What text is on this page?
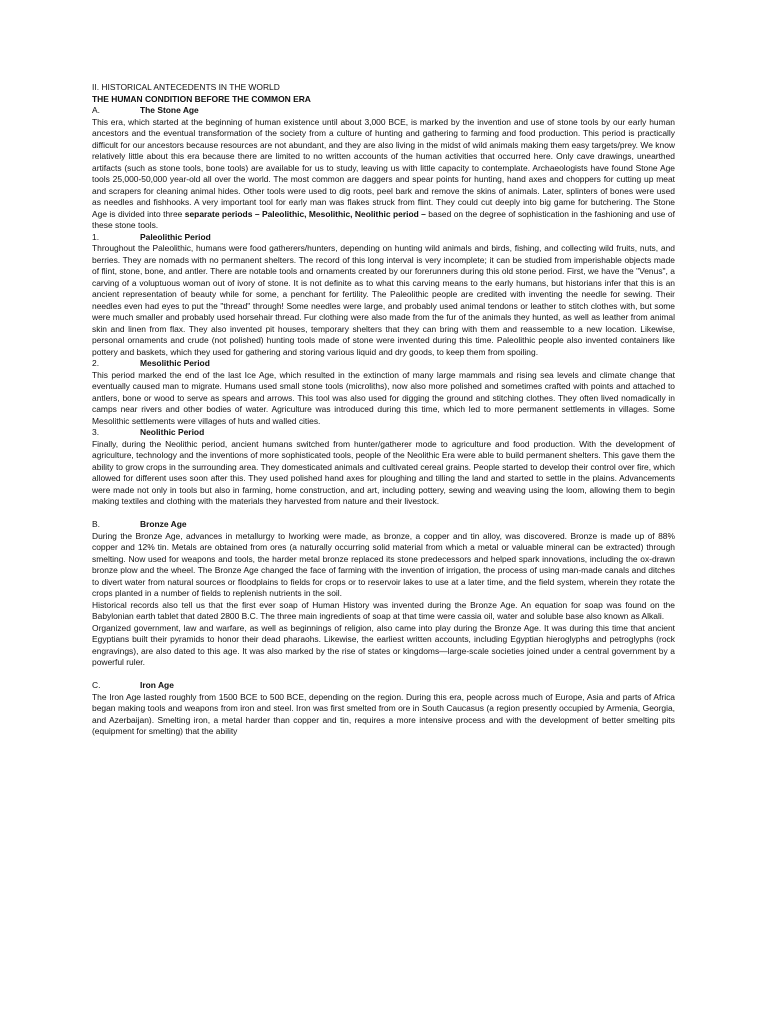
II. HISTORICAL ANTECEDENTS IN THE WORLD

THE HUMAN CONDITION BEFORE THE COMMON ERA

A.	The Stone Age

This era, which started at the beginning of human existence until about 3,000 BCE, is marked by the invention and use of stone tools by our early human ancestors and the eventual transformation of the society from a culture of hunting and gathering to farming and food production. This period is practically difficult for our ancestors because resources are not abundant, and they are also living in the midst of wild animals making them easy targets/prey. We know relatively little about this era because there are limited to no written accounts of the human activities that occurred here. Only cave drawings, unearthed artifacts (such as stone tools, bone tools) are available for us to study, leaving us with little capacity to contemplate. Archaeologists have found Stone Age tools 25,000-50,000 year-old all over the world. The most common are daggers and spear points for hunting, hand axes and choppers for cutting up meat and scrapers for cleaning animal hides. Other tools were used to dig roots, peel bark and remove the skins of animals. Later, splinters of bones were used as needles and fishhooks. A very important tool for early man was flakes struck from flint. They could cut deeply into big game for butchering. The Stone Age is divided into three separate periods – Paleolithic, Mesolithic, Neolithic period – based on the degree of sophistication in the fashioning and use of these stone tools.

1.	Paleolithic Period

Throughout the Paleolithic, humans were food gatherers/hunters, depending on hunting wild animals and birds, fishing, and collecting wild fruits, nuts, and berries. They are nomads with no permanent shelters. The record of this long interval is very incomplete; it can be studied from imperishable objects made of flint, stone, bone, and antler. There are notable tools and ornaments created by our forerunners during this old stone period. First, we have the "Venus", a carving of a voluptuous woman out of ivory of stone. It is not definite as to what this carving means to the early humans, but historians infer that this is an ancient representation of beauty while for some, a penchant for fertility. The Paleolithic people are credited with inventing the needle for sewing. Their needles even had eyes to put the "thread" through! Some needles were large, and probably used animal tendons or leather to stitch clothes with, but some were much smaller and probably used horsehair thread. Fur clothing were also made from the fur of the animals they hunted, as well as leather from animal skin and linen from flax. They also invented pit houses, temporary shelters that they can bring with them and reassemble to a new location. Likewise, personal ornaments and crude (not polished) hunting tools made of stone were invented during this time. Paleolithic people also invented containers like pottery and baskets, which they used for gathering and storing various liquid and dry goods, to keep them from spoiling.

2.	Mesolithic Period

This period marked the end of the last Ice Age, which resulted in the extinction of many large mammals and rising sea levels and climate change that eventually caused man to migrate. Humans used small stone tools (microliths), now also more polished and sometimes crafted with points and attached to antlers, bone or wood to serve as spears and arrows. This tool was also used for digging the ground and stitching clothes. They often lived nomadically in camps near rivers and other bodies of water. Agriculture was introduced during this time, which led to more permanent settlements in villages. Some Mesolithic settlements were villages of huts and walled cities.

3.	Neolithic Period

Finally, during the Neolithic period, ancient humans switched from hunter/gatherer mode to agriculture and food production. With the development of agriculture, technology and the inventions of more sophisticated tools, people of the Neolithic Era were able to build permanent shelters. This gave them the ability to grow crops in the surrounding area. They domesticated animals and cultivated cereal grains. People started to develop their control over fire, which allowed for different uses soon after this. They used polished hand axes for ploughing and tilling the land and started to settle in the plains. Advancements were made not only in tools but also in farming, home construction, and art, including pottery, sewing and weaving using the loom, allowing them to begin making textiles and clothing with the materials they harvested from nature and their livestock.

B.	Bronze Age

During the Bronze Age, advances in metallurgy to lworking were made, as bronze, a copper and tin alloy, was discovered. Bronze is made up of 88% copper and 12% tin. Metals are obtained from ores (a naturally occurring solid material from which a metal or valuable mineral can be extracted) through smelting. Now used for weapons and tools, the harder metal bronze replaced its stone predecessors and helped spark innovations, including the ox-drawn bronze plow and the wheel. The Bronze Age changed the face of farming with the invention of irrigation, the process of using man-made canals and ditches to divert water from natural sources or floodplains to fields for crops or to reservoir lakes to use at a later time, and the field system, wherein they rotate the crops planted in a number of fields to replenish nutrients in the soil.

Historical records also tell us that the first ever soap of Human History was invented during the Bronze Age. An equation for soap was found on the Babylonian earth tablet that dated 2800 B.C. The three main ingredients of soap at that time were cassia oil, water and soluble base also known as Alkali.

Organized government, law and warfare, as well as beginnings of religion, also came into play during the Bronze Age. It was during this time that ancient Egyptians built their pyramids to honor their dead pharaohs. Likewise, the earliest written accounts, including Egyptian hieroglyphs and petroglyphs (rock engravings), are also dated to this age. It was also marked by the rise of states or kingdoms—large-scale societies joined under a central government by a powerful ruler.

C.	Iron Age

The Iron Age lasted roughly from 1500 BCE to 500 BCE, depending on the region. During this era, people across much of Europe, Asia and parts of Africa began making tools and weapons from iron and steel. Iron was first smelted from ore in South Caucasus (a region presently occupied by Armenia, Georgia, and Azerbaijan). Smelting iron, a metal harder than copper and tin, requires a more intensive process and with the development of better smelting pits (equipment for smelting) that the ability
